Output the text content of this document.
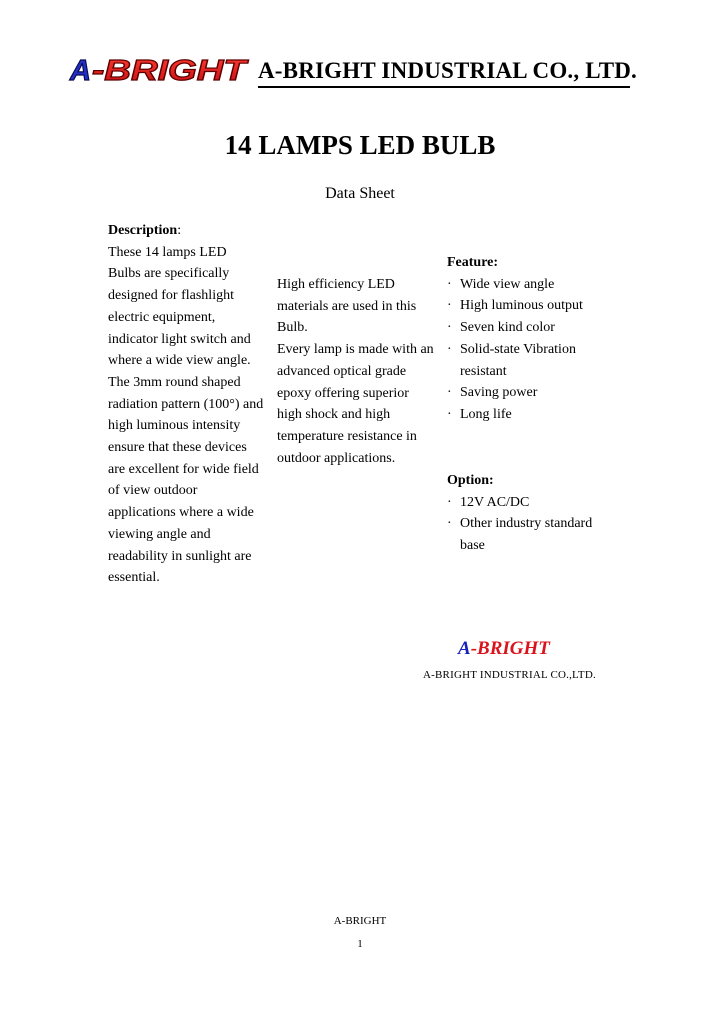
A -BRIGHT A-BRIGHT INDUSTRIAL CO., LTD.
14 LAMPS LED BULB
Data Sheet
Description:
These 14 lamps LED
Bulbs are specifically
designed for flashlight
electric equipment,
indicator light switch and
where a wide view angle.
The 3mm round shaped
radiation pattern (100°) and
high luminous intensity
ensure that these devices
are excellent for wide field
of view outdoor
applications where a wide
viewing angle and
readability in sunlight are
essential.
High efficiency LED
materials are used in this
Bulb.
Every lamp is made with an
advanced optical grade
epoxy offering superior
high shock and high
temperature resistance in
outdoor applications.
Feature:
· Wide view angle
· High luminous output
· Seven kind color
· Solid-state Vibration
resistant
· Saving power
· Long life
Option:
· 12V AC/DC
· Other industry standard
base
A-BRIGHT
A-BRIGHT INDUSTRIAL CO.,LTD.
A-BRIGHT
1
